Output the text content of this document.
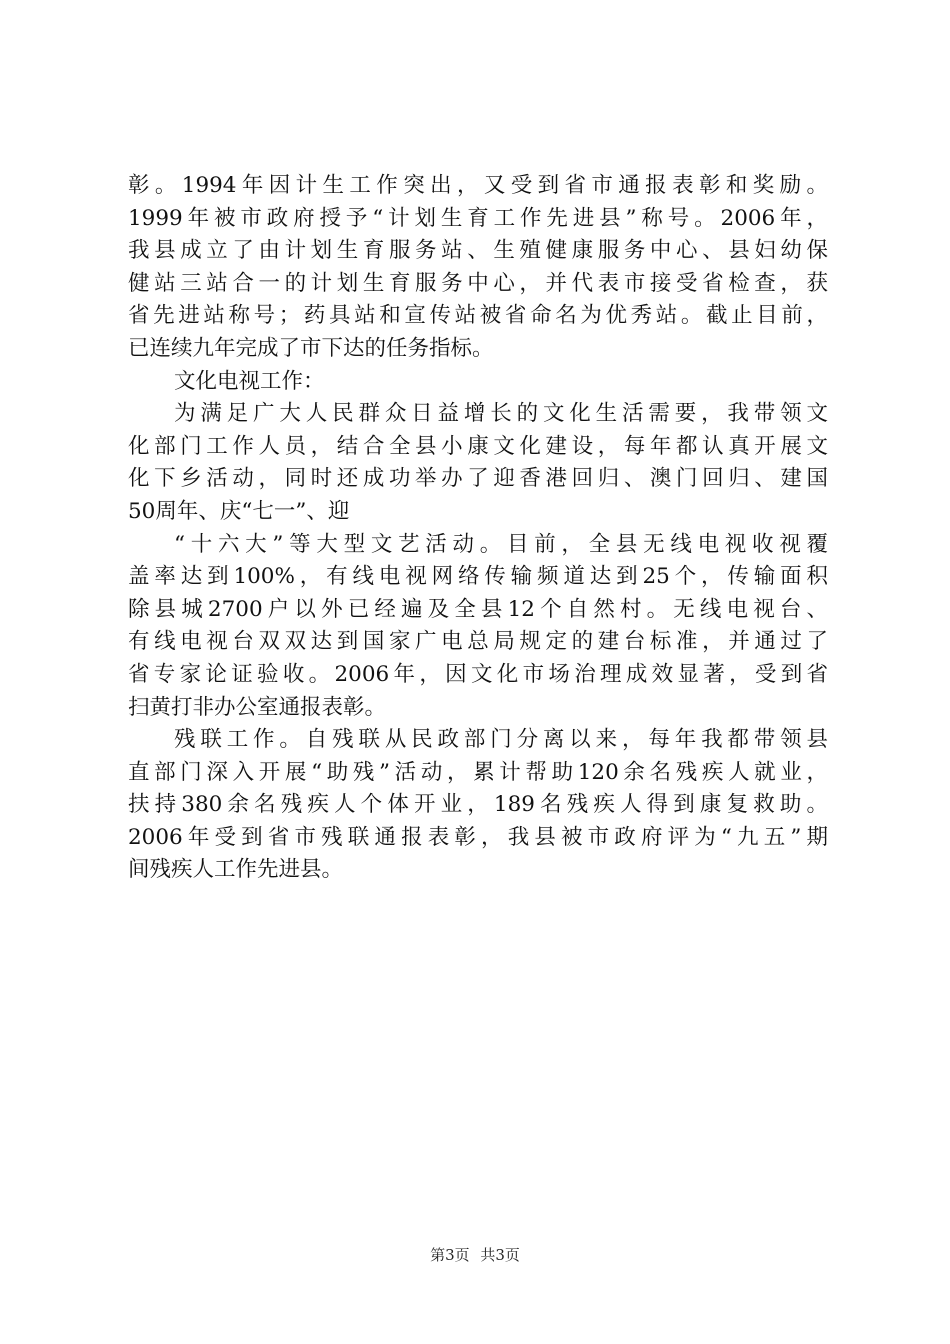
彰。1994年因计生工作突出，又受到省市通报表彰和奖励。
1999年被市政府授予“计划生育工作先进县”称号。2006年，
我县成立了由计划生育服务站、生殖健康服务中心、县妇幼保
健站三站合一的计划生育服务中心，并代表市接受省检查，获
省先进站称号；药具站和宣传站被省命名为优秀站。截止目前，
已连续九年完成了市下达的任务指标。
文化电视工作：
为满足广大人民群众日益增长的文化生活需要，我带领文
化部门工作人员，结合全县小康文化建设，每年都认真开展文
化下乡活动，同时还成功举办了迎香港回归、澳门回归、建国
50周年、庆“七一”、迎
“十六大”等大型文艺活动。目前，全县无线电视收视覆
盖率达到100%，有线电视网络传输频道达到25个，传输面积
除县城2700户以外已经遍及全县12个自然村。无线电视台、
有线电视台双双达到国家广电总局规定的建台标准，并通过了
省专家论证验收。2006年，因文化市场治理成效显著，受到省
扫黄打非办公室通报表彰。
残联工作。自残联从民政部门分离以来，每年我都带领县
直部门深入开展“助残”活动，累计帮助120余名残疾人就业，
扶持380余名残疾人个体开业，189名残疾人得到康复救助。
2006年受到省市残联通报表彰，我县被市政府评为“九五”期
间残疾人工作先进县。
第3页 共3页
